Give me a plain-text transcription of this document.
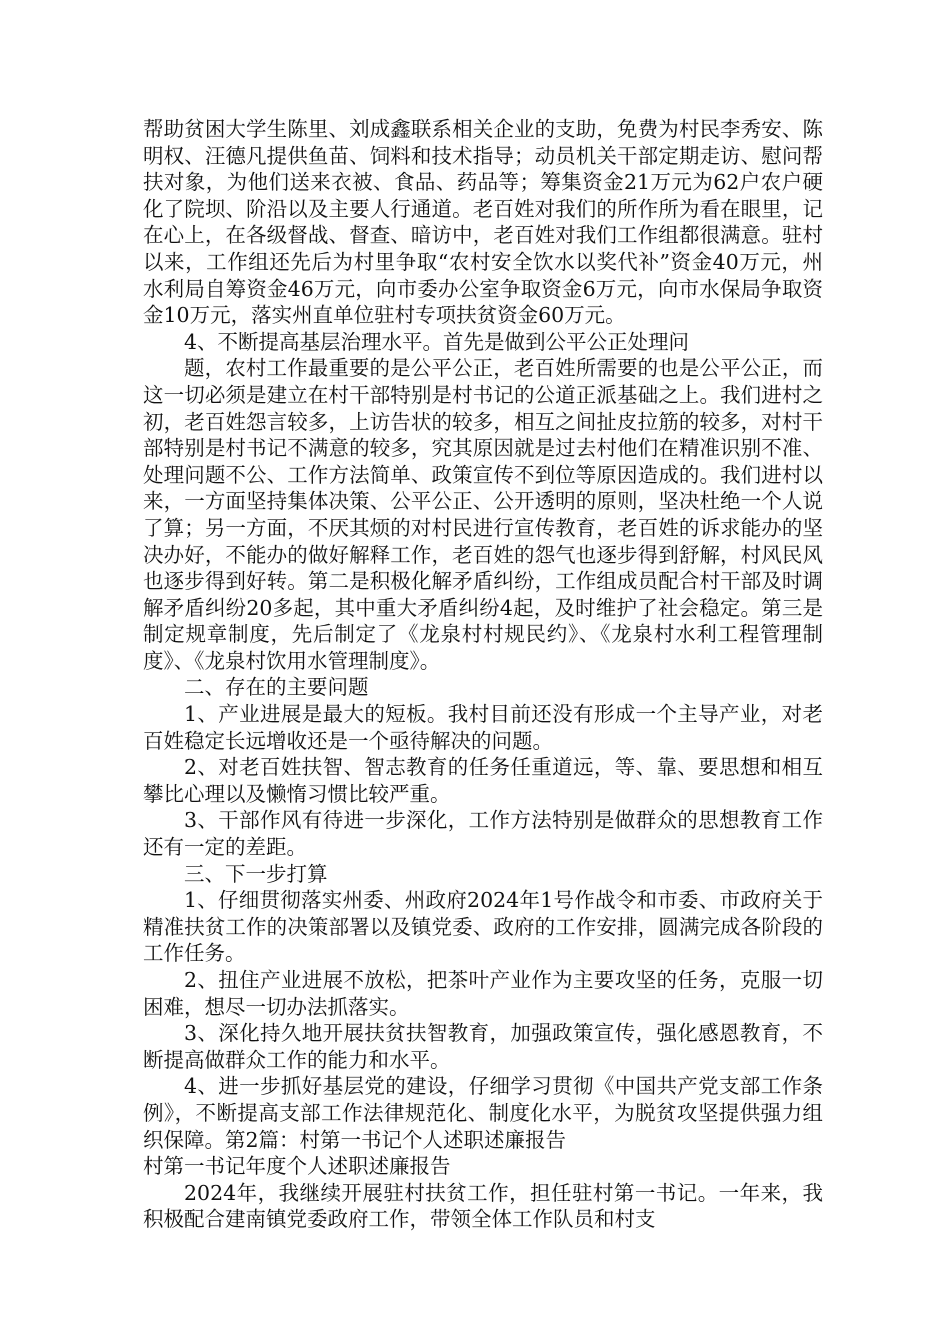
帮助贫困大学生陈里、刘成鑫联系相关企业的支助，免费为村民李秀安、陈明权、汪德凡提供鱼苗、饲料和技术指导；动员机关干部定期走访、慰问帮扶对象，为他们送来衣被、食品、药品等；筹集资金21万元为62户农户硬化了院坝、阶沿以及主要人行通道。老百姓对我们的所作所为看在眼里，记在心上，在各级督战、督查、暗访中，老百姓对我们工作组都很满意。驻村以来，工作组还先后为村里争取“农村安全饮水以奖代补”资金40万元，州水利局自筹资金46万元，向市委办公室争取资金6万元，向市水保局争取资金10万元，落实州直单位驻村专项扶贫资金60万元。

4、不断提高基层治理水平。首先是做到公平公正处理问

题，农村工作最重要的是公平公正，老百姓所需要的也是公平公正，而这一切必须是建立在村干部特别是村书记的公道正派基础之上。我们进村之初，老百姓怨言较多，上访告状的较多，相互之间扯皮拉筋的较多，对村干部特别是村书记不满意的较多，究其原因就是过去村他们在精准识别不准、处理问题不公、工作方法简单、政策宣传不到位等原因造成的。我们进村以来，一方面坚持集体决策、公平公正、公开透明的原则，坚决杜绝一个人说了算；另一方面，不厌其烦的对村民进行宣传教育，老百姓的诉求能办的坚决办好，不能办的做好解释工作，老百姓的怨气也逐步得到舒解，村风民风也逐步得到好转。第二是积极化解矛盾纠纷，工作组成员配合村干部及时调解矛盾纠纷20多起，其中重大矛盾纠纷4起，及时维护了社会稳定。第三是制定规章制度，先后制定了《龙泉村村规民约》、《龙泉村水利工程管理制度》、《龙泉村饮用水管理制度》。

二、存在的主要问题

1、产业进展是最大的短板。我村目前还没有形成一个主导产业，对老百姓稳定长远增收还是一个亟待解决的问题。

2、对老百姓扶智、智志教育的任务任重道远，等、靠、要思想和相互攀比心理以及懒惰习惯比较严重。

3、干部作风有待进一步深化，工作方法特别是做群众的思想教育工作还有一定的差距。

三、下一步打算

1、仔细贯彻落实州委、州政府2024年1号作战令和市委、市政府关于精准扶贫工作的决策部署以及镇党委、政府的工作安排，圆满完成各阶段的工作任务。

2、扭住产业进展不放松，把茶叶产业作为主要攻坚的任务，克服一切困难，想尽一切办法抓落实。

3、深化持久地开展扶贫扶智教育，加强政策宣传，强化感恩教育，不断提高做群众工作的能力和水平。

4、进一步抓好基层党的建设，仔细学习贯彻《中国共产党支部工作条例》，不断提高支部工作法律规范化、制度化水平，为脱贫攻坚提供强力组织保障。第2篇：村第一书记个人述职述廉报告

村第一书记年度个人述职述廉报告

2024年，我继续开展驻村扶贫工作，担任驻村第一书记。一年来，我积极配合建南镇党委政府工作，带领全体工作队员和村支
